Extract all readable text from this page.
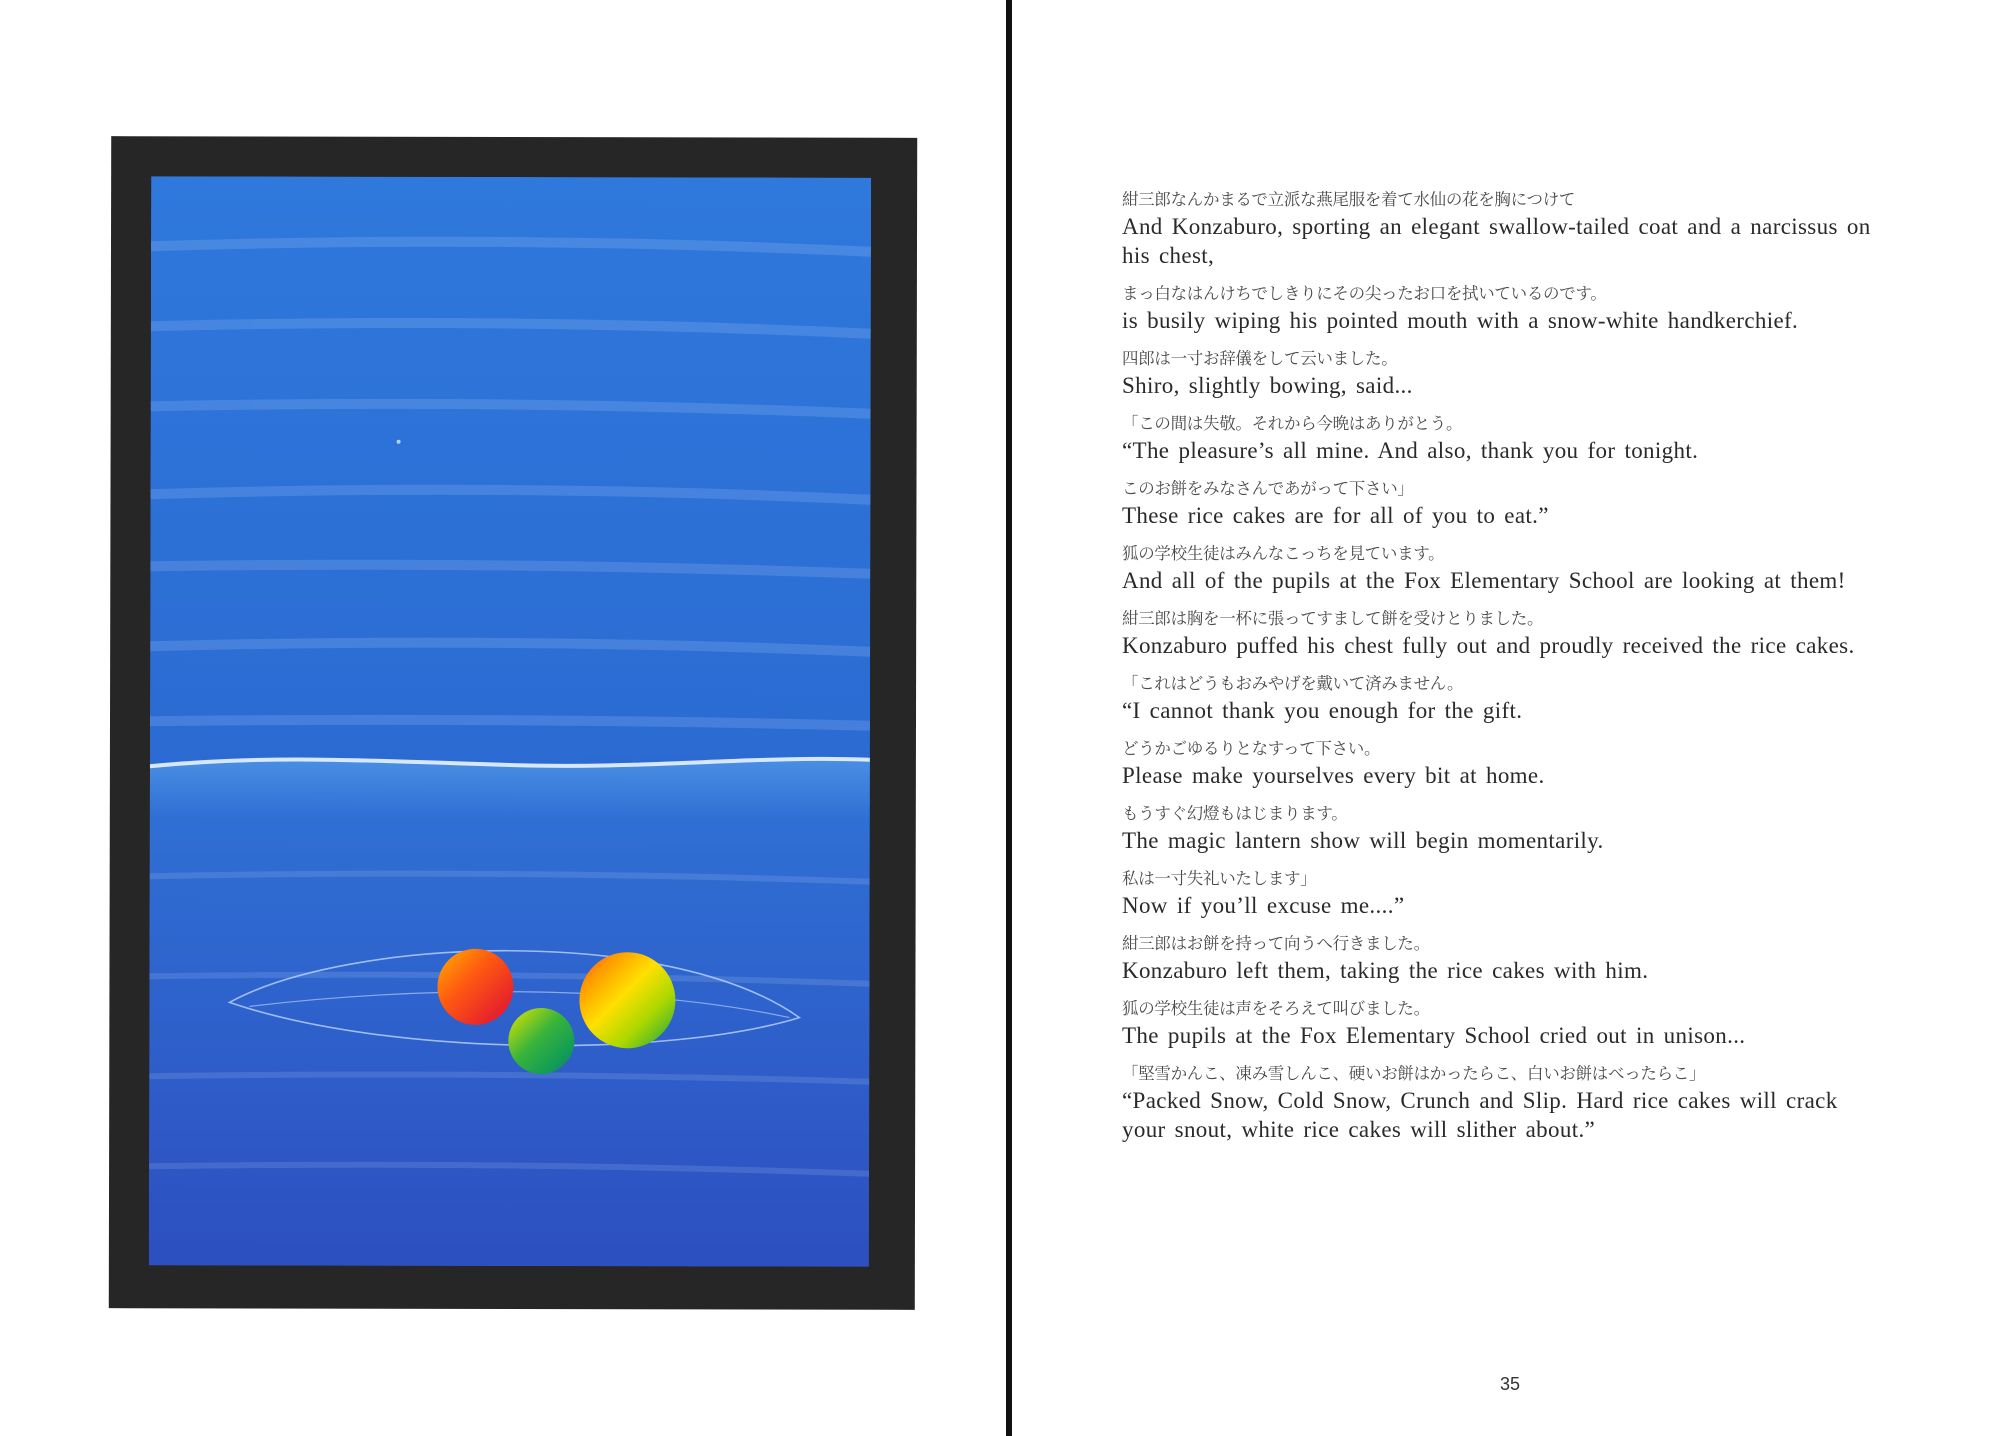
紺三郎なんかまるで立派な燕尾服を着て水仙の花を胸につけて
And Konzaburo, sporting an elegant swallow-tailed coat and a narcissus on his chest,
まっ白なはんけちでしきりにその尖ったお口を拭いているのです。
is busily wiping his pointed mouth with a snow-white handkerchief.
四郎は一寸お辞儀をして云いました。
Shiro, slightly bowing, said...
「この間は失敬。それから今晩はありがとう。
“The pleasure’s all mine. And also, thank you for tonight.
このお餅をみなさんであがって下さい」
These rice cakes are for all of you to eat.”
狐の学校生徒はみんなこっちを見ています。
And all of the pupils at the Fox Elementary School are looking at them!
紺三郎は胸を一杯に張ってすまして餅を受けとりました。
Konzaburo puffed his chest fully out and proudly received the rice cakes.
「これはどうもおみやげを戴いて済みません。
“I cannot thank you enough for the gift.
どうかごゆるりとなすって下さい。
Please make yourselves every bit at home.
もうすぐ幻燈もはじまります。
The magic lantern show will begin momentarily.
私は一寸失礼いたします」
Now if you’ll excuse me....”
紺三郎はお餅を持って向うへ行きました。
Konzaburo left them, taking the rice cakes with him.
狐の学校生徒は声をそろえて叫びました。
The pupils at the Fox Elementary School cried out in unison...
「堅雪かんこ、凍み雪しんこ、硬いお餅はかったらこ、白いお餅はべったらこ」
“Packed Snow, Cold Snow, Crunch and Slip. Hard rice cakes will crack your snout, white rice cakes will slither about.”
35
